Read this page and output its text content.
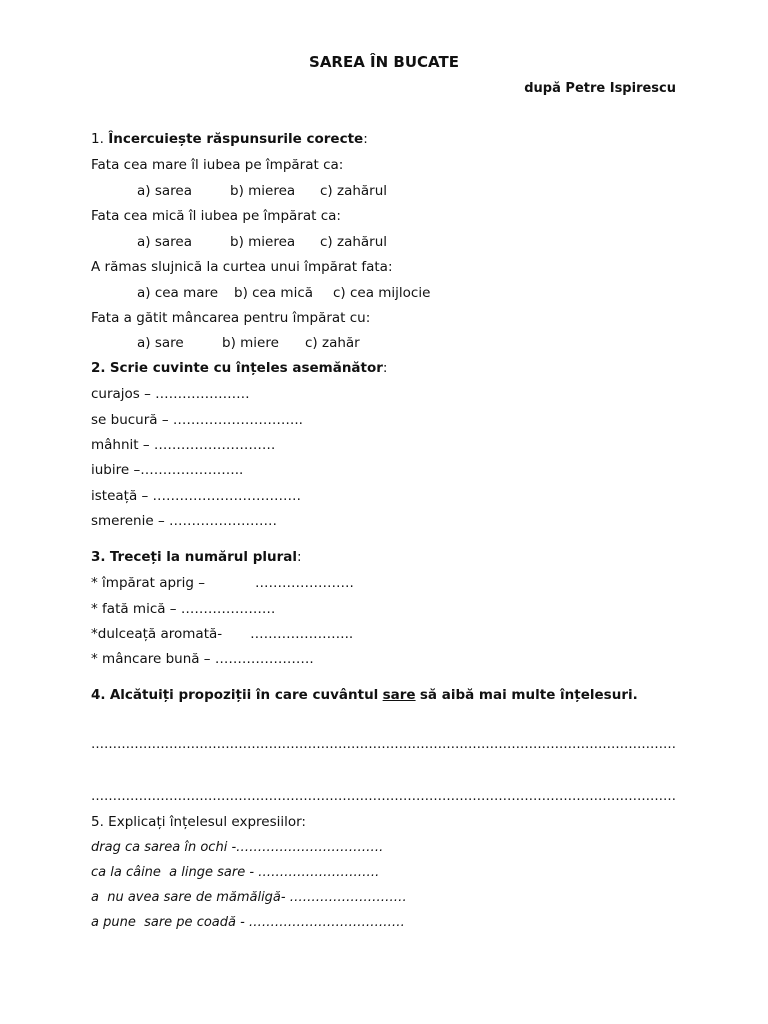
SAREA ÎN BUCATE
după Petre Ispirescu
1. Încercuiește răspunsurile corecte:
Fata cea mare îl iubea pe împărat ca:
a) sarea	b) mierea c) zahărul
Fata cea mică îl iubea pe împărat ca:
a) sarea	b) mierea c) zahărul
A rămas slujnică la curtea unui împărat fata:
a) cea mare b) cea mică c) cea mijlocie
Fata a gătit mâncarea pentru împărat cu:
a) sare	b) miere c) zahăr
2. Scrie cuvinte cu înțeles asemănător:
curajos – …………………
se bucură – ………………………..
mâhnit – ………………………
iubire –…………………..
isteață – ……………………………
smerenie – ……………………
3. Treceți la numărul plural:
* împărat aprig –	………………….
* fată mică – …………………
*dulceață aromată- …………………..
* mâncare bună – ………………….
4. Alcătuiți propoziții în care cuvântul sare să aibă mai multe înțelesuri.
………………………………………………………………………………………………………………………
………………………………………………………………………………………………………………………
5. Explicați înțelesul expresiilor:
drag ca sarea în ochi -…………………………….
ca la câine  a linge sare - ……………………….
a  nu avea sare de mămăligă- ………………………
a pune  sare pe coadă - ………………………………
